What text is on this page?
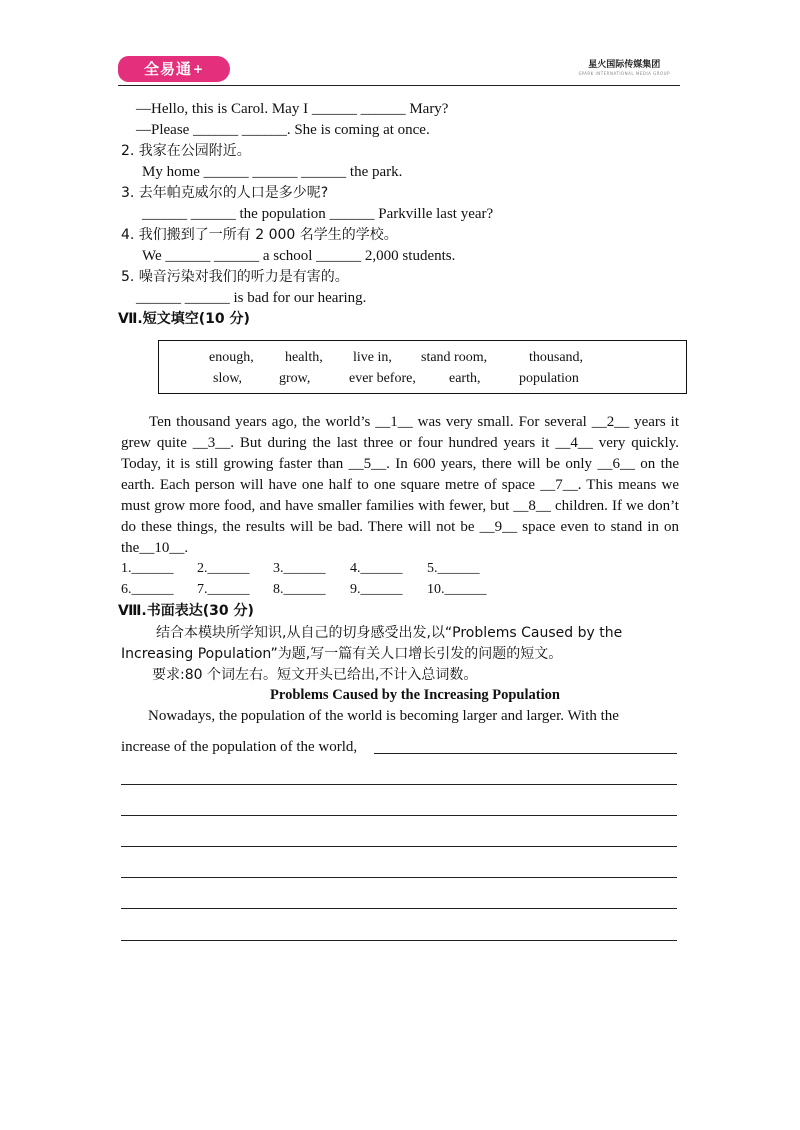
全易通+	星火国际传媒集团
SPARK INTERNATIONAL MEDIA GROUP
—Hello, this is Carol. May I ______ ______ Mary?
—Please ______ ______. She is coming at once.
2. 我家在公园附近。
My home ______ ______ ______ the park.
3. 去年帕克威尔的人口是多少呢?
______ ______ the population ______ Parkville last year?
4. 我们搬到了一所有 2 000 名学生的学校。
We ______ ______ a school ______ 2,000 students.
5. 噪音污染对我们的听力是有害的。
______ ______ is bad for our hearing.
Ⅶ.短文填空(10 分)
enough, health, live in, stand room,	thousand,
slow,	grow,	ever before, earth,	population
Ten thousand years ago, the world’s __1__ was very small. For several __2__ years it grew quite __3__. But during the last three or four hundred years it __4__ very quickly. Today, it is still growing faster than __5__. In 600 years, there will be only __6__ on the earth. Each person will have one half to one square metre of space __7__. This means we must grow more food, and have smaller families with fewer, but __8__ children. If we don’t do these things, the results will be bad. There will not be __9__ space even to stand in on the__10__.
1.______ 2.______ 3.______ 4.______ 5.______
6.______ 7.______ 8.______ 9.______ 10.______
Ⅷ.书面表达(30 分)
结合本模块所学知识,从自己的切身感受出发,以“Problems Caused by the
Increasing Population”为题,写一篇有关人口增长引发的问题的短文。
要求:80 个词左右。短文开头已给出,不计入总词数。
Problems Caused by the Increasing Population
Nowadays, the population of the world is becoming larger and larger. With the
increase of the population of the world,
